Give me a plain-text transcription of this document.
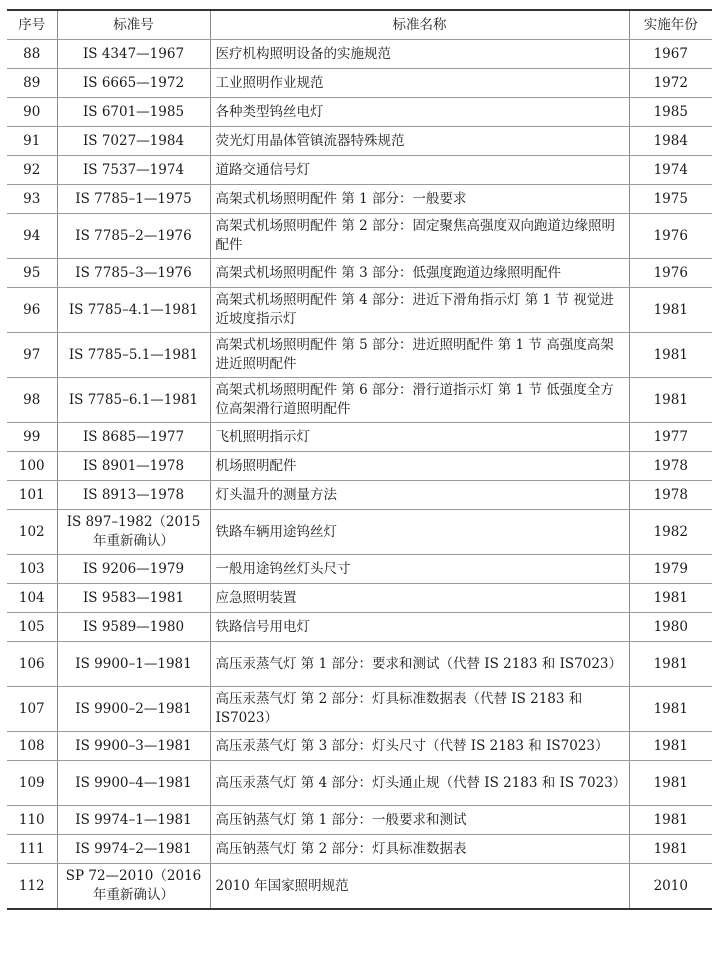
序号	标准号	标准名称	实施年份
88	IS 4347—1967	医疗机构照明设备的实施规范	1967
89	IS 6665—1972	工业照明作业规范	1972
90	IS 6701—1985	各种类型钨丝电灯	1985
91	IS 7027—1984	荧光灯用晶体管镇流器特殊规范	1984
92	IS 7537—1974	道路交通信号灯	1974
93	IS 7785–1—1975	高架式机场照明配件 第 1 部分：一般要求	1975
94	IS 7785–2—1976	高架式机场照明配件 第 2 部分：固定聚焦高强度双向跑道边缘照明配件	1976
95	IS 7785–3—1976	高架式机场照明配件 第 3 部分：低强度跑道边缘照明配件	1976
96	IS 7785–4.1—1981	高架式机场照明配件 第 4 部分：进近下滑角指示灯 第 1 节 视觉进近坡度指示灯	1981
97	IS 7785–5.1—1981	高架式机场照明配件 第 5 部分：进近照明配件 第 1 节 高强度高架进近照明配件	1981
98	IS 7785–6.1—1981	高架式机场照明配件 第 6 部分：滑行道指示灯 第 1 节 低强度全方位高架滑行道照明配件	1981
99	IS 8685—1977	飞机照明指示灯	1977
100	IS 8901—1978	机场照明配件	1978
101	IS 8913—1978	灯头温升的测量方法	1978
102	IS 897–1982（2015 年重新确认）	铁路车辆用途钨丝灯	1982
103	IS 9206—1979	一般用途钨丝灯头尺寸	1979
104	IS 9583—1981	应急照明装置	1981
105	IS 9589—1980	铁路信号用电灯	1980
106	IS 9900–1—1981	高压汞蒸气灯 第 1 部分：要求和测试（代替 IS 2183 和 IS7023）	1981
107	IS 9900–2—1981	高压汞蒸气灯 第 2 部分：灯具标准数据表（代替 IS 2183 和 IS7023）	1981
108	IS 9900–3—1981	高压汞蒸气灯 第 3 部分：灯头尺寸（代替 IS 2183 和 IS7023）	1981
109	IS 9900–4—1981	高压汞蒸气灯 第 4 部分：灯头通止规（代替 IS 2183 和 IS 7023）	1981
110	IS 9974–1—1981	高压钠蒸气灯 第 1 部分：一般要求和测试	1981
111	IS 9974–2—1981	高压钠蒸气灯 第 2 部分：灯具标准数据表	1981
112	SP 72—2010（2016 年重新确认）	2010 年国家照明规范	2010
